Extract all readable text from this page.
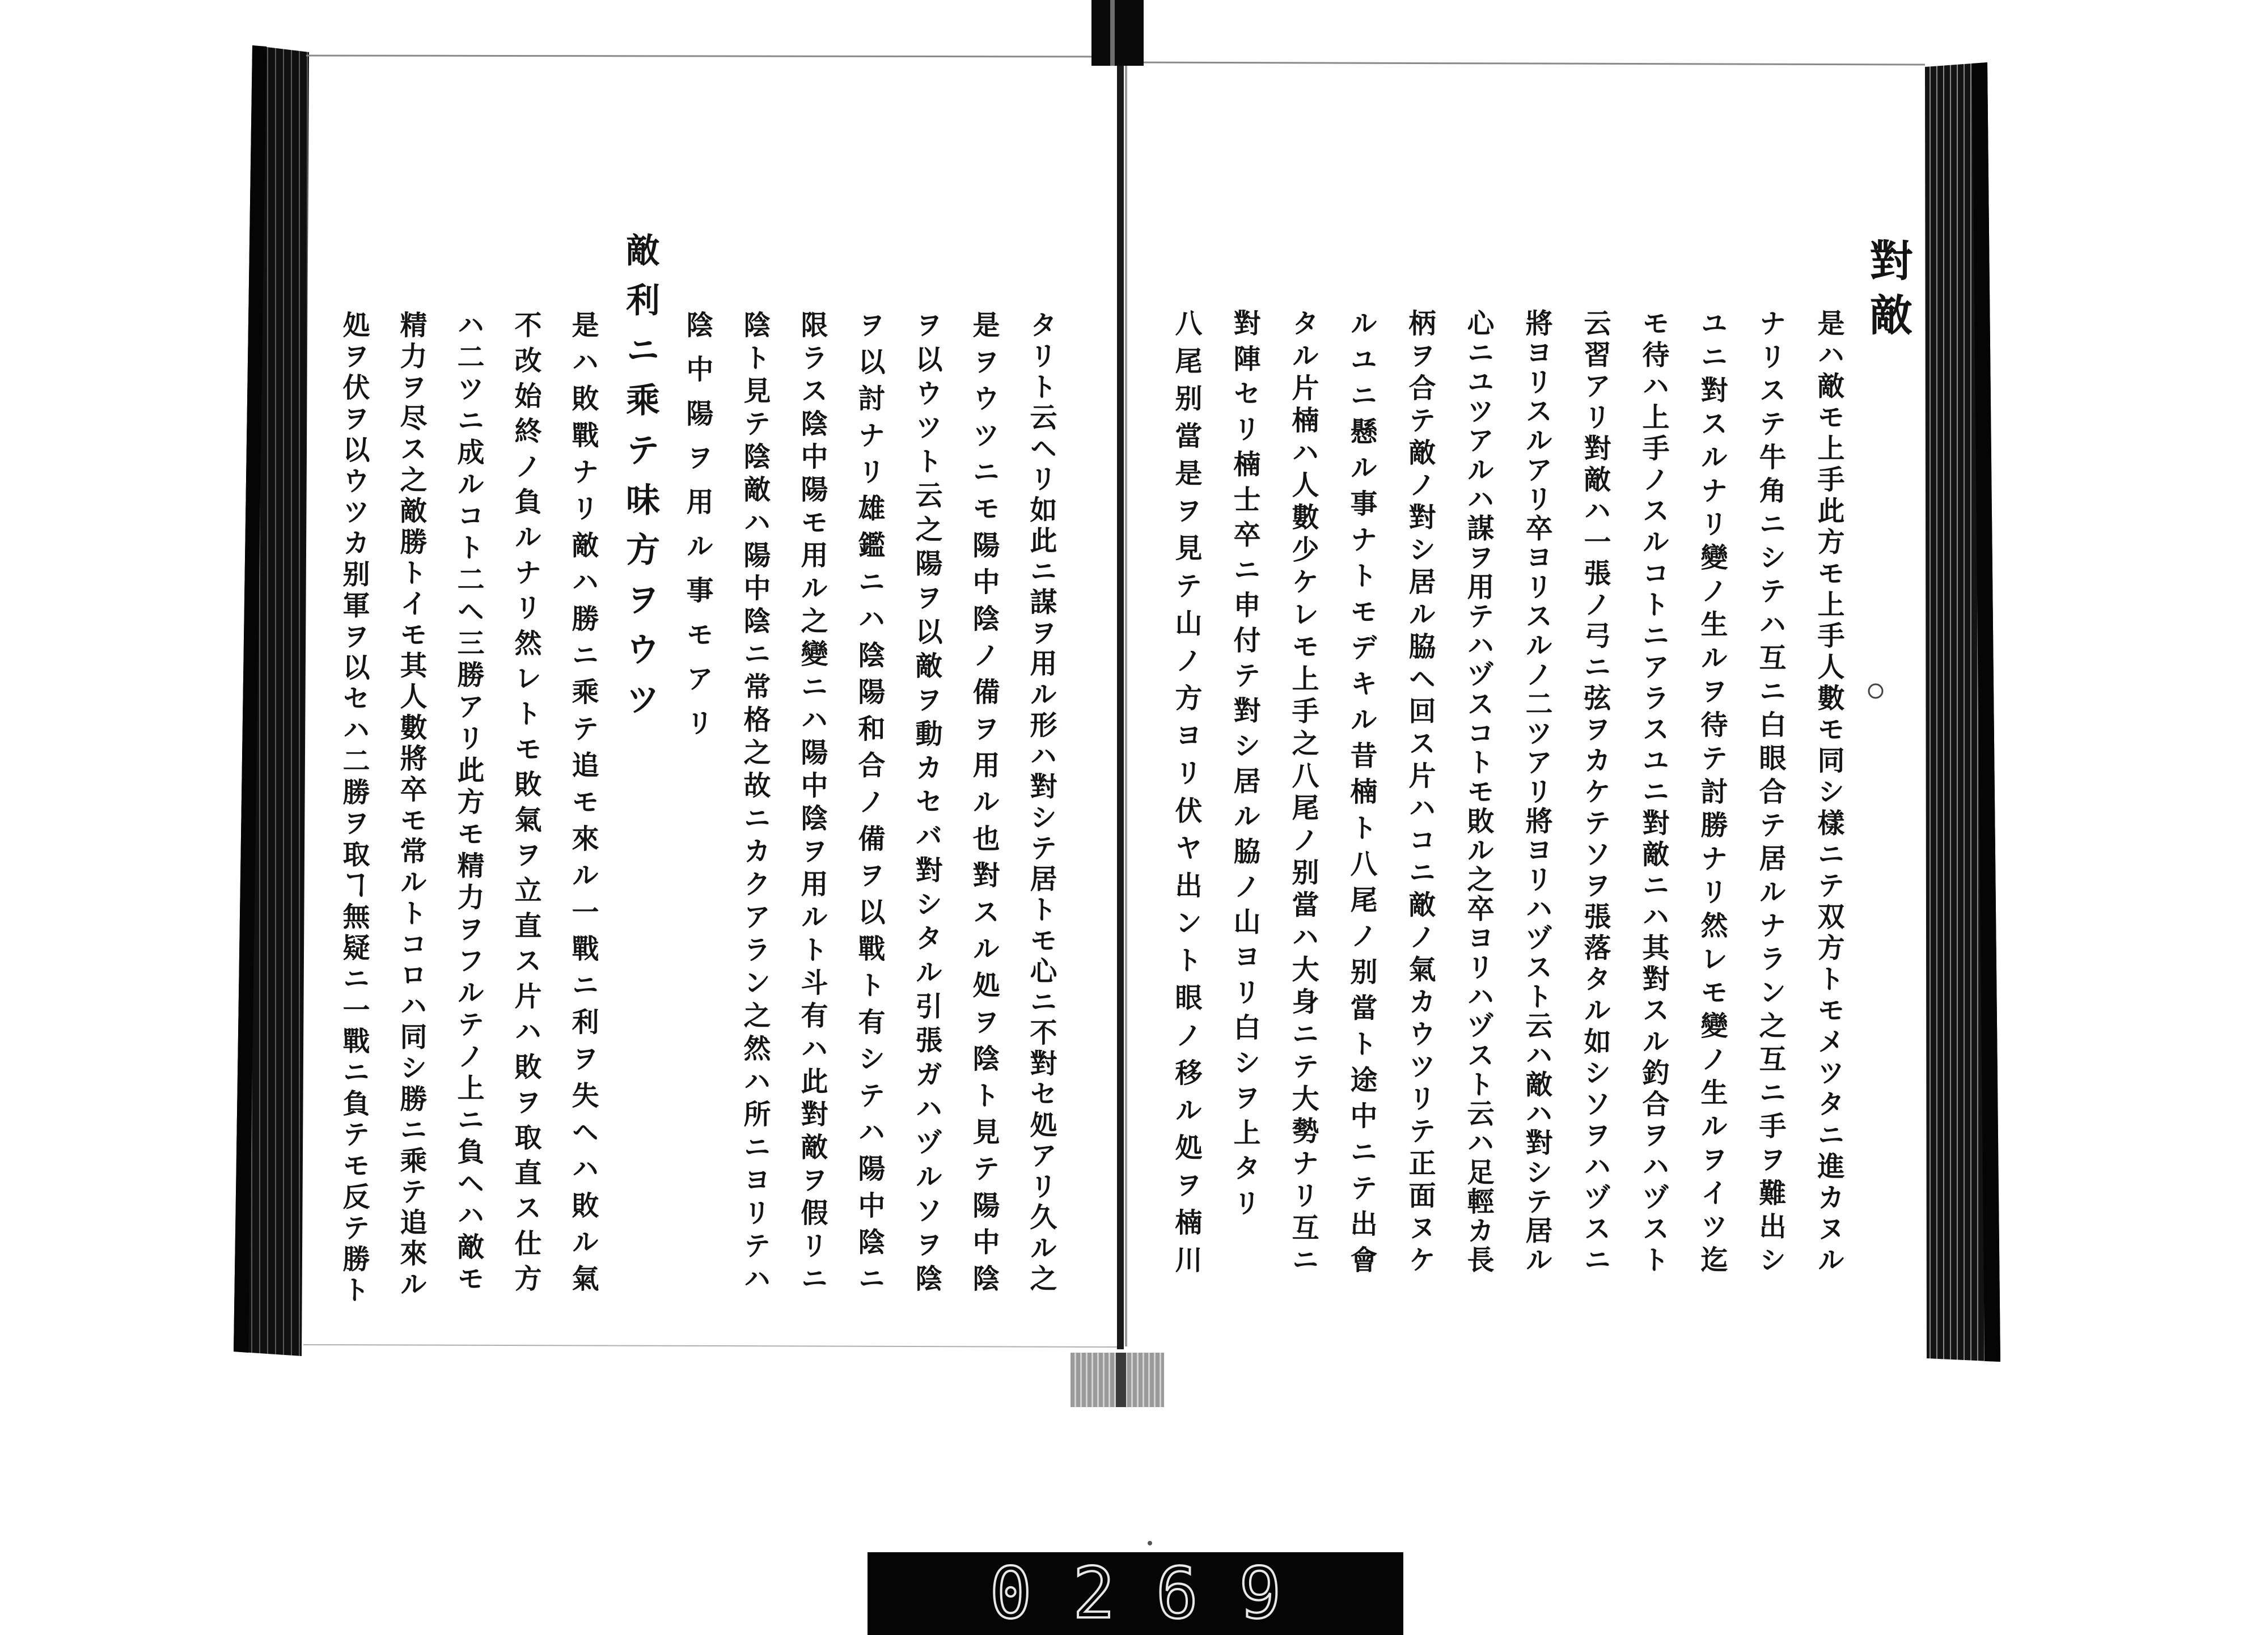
對敵
是ハ敵モ上手此方モ上手人數モ同シ樣ニテ双方トモメツタニ進カヌル
ナリステ牛角ニシテハ互ニ白眼合テ居ルナラン之互ニ手ヲ難出シ
ユニ對スルナリ變ノ生ルヲ待テ討勝ナリ然レモ變ノ生ルヲイツ迄
モ待ハ上手ノスルコトニアラスユニ對敵ニハ其對スル釣合ヲハヅスト
云習アリ對敵ハ一張ノ弓ニ弦ヲカケテソヲ張落タル如シソヲハヅスニ
將ヨリスルアリ卒ヨリスルノ二ツアリ將ヨリハヅスト云ハ敵ハ對シテ居ル
心ニユツアルハ謀ヲ用テハヅスコトモ敗ル之卒ヨリハヅスト云ハ足輕カ長
柄ヲ合テ敵ノ對シ居ル脇ヘ回ス片ハコニ敵ノ氣カウツリテ正面ヌケ
ルユニ懸ル事ナトモデキル昔楠ト八尾ノ别當ト途中ニテ出會
タル片楠ハ人數少ケレモ上手之八尾ノ别當ハ大身ニテ大勢ナリ互ニ
對陣セリ楠士卒ニ申付テ對シ居ル脇ノ山ヨリ白シヲ上タリ
八尾别當是ヲ見テ山ノ方ヨリ伏ヤ出ント眼ノ移ル処ヲ楠川
タリト云ヘリ如此ニ謀ヲ用ル形ハ對シテ居トモ心ニ不對セ処アリ久ル之
是ヲウツニモ陽中陰ノ備ヲ用ル也對スル処ヲ陰ト見テ陽中陰
ヲ以ウツト云之陽ヲ以敵ヲ動カセバ對シタル引張ガハヅルソヲ陰
ヲ以討ナリ雄鑑ニハ陰陽和合ノ備ヲ以戰ト有シテハ陽中陰ニ
限ラス陰中陽モ用ル之變ニハ陽中陰ヲ用ルト斗有ハ此對敵ヲ假リニ
陰ト見テ陰敵ハ陽中陰ニ常格之故ニカクアラン之然ハ所ニヨリテハ
陰中陽ヲ用ル事モアリ
敵利ニ乘テ味方ヲウツ
是ハ敗戰ナリ敵ハ勝ニ乘テ追モ來ル一戰ニ利ヲ失ヘハ敗ル氣
不改始終ノ負ルナリ然レトモ敗氣ヲ立直ス片ハ敗ヲ取直ス仕方
ハ二ツニ成ルコト二ヘ三勝アリ此方モ精力ヲフルテノ上ニ負ヘハ敵モ
精力ヲ尽ス之敵勝トイモ其人數將卒モ常ルトコロハ同シ勝ニ乘テ追來ル
処ヲ伏ヲ以ウツカ别軍ヲ以セハ二勝ヲ取ヿ無疑ニ一戰ニ負テモ反テ勝ト
0269
